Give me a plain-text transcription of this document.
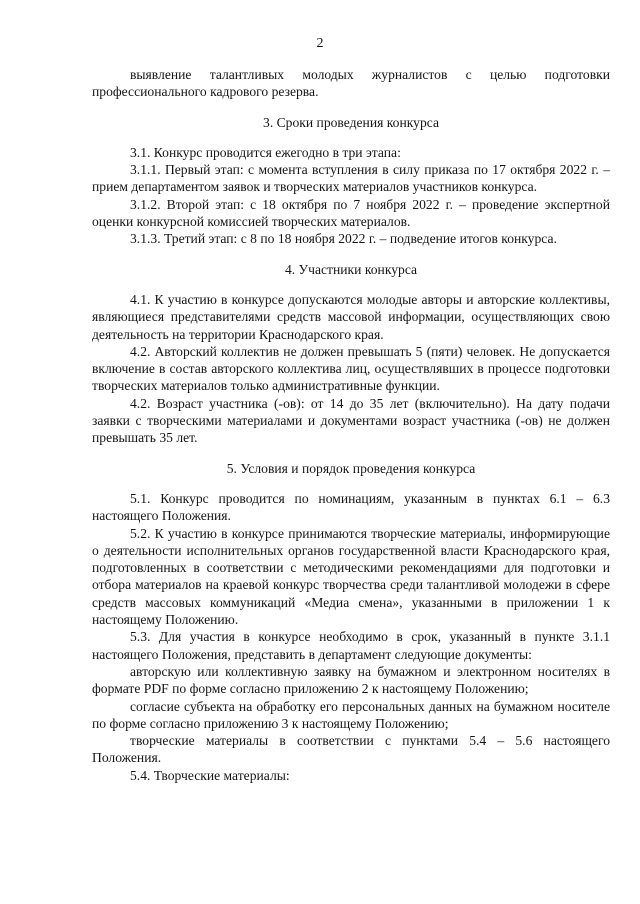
2

выявление талантливых молодых журналистов с целью подготовки профессионального кадрового резерва.

3. Сроки проведения конкурса

3.1. Конкурс проводится ежегодно в три этапа:

3.1.1. Первый этап: с момента вступления в силу приказа по 17 октября 2022 г. – прием департаментом заявок и творческих материалов участников конкурса.

3.1.2. Второй этап: с 18 октября по 7 ноября 2022 г. – проведение экспертной оценки конкурсной комиссией творческих материалов.

3.1.3. Третий этап: с 8 по 18 ноября 2022 г. – подведение итогов конкурса.

4. Участники конкурса

4.1. К участию в конкурсе допускаются молодые авторы и авторские коллективы, являющиеся представителями средств массовой информации, осуществляющих свою деятельность на территории Краснодарского края.

4.2. Авторский коллектив не должен превышать 5 (пяти) человек. Не допускается включение в состав авторского коллектива лиц, осуществлявших в процессе подготовки творческих материалов только административные функции.

4.2. Возраст участника (-ов): от 14 до 35 лет (включительно). На дату подачи заявки с творческими материалами и документами возраст участника (-ов) не должен превышать 35 лет.

5. Условия и порядок проведения конкурса

5.1. Конкурс проводится по номинациям, указанным в пунктах 6.1 – 6.3 настоящего Положения.

5.2. К участию в конкурсе принимаются творческие материалы, информирующие о деятельности исполнительных органов государственной власти Краснодарского края, подготовленных в соответствии с методическими рекомендациями для подготовки и отбора материалов на краевой конкурс творчества среди талантливой молодежи в сфере средств массовых коммуникаций «Медиа смена», указанными в приложении 1 к настоящему Положению.

5.3. Для участия в конкурсе необходимо в срок, указанный в пункте 3.1.1 настоящего Положения, представить в департамент следующие документы:

авторскую или коллективную заявку на бумажном и электронном носителях в формате PDF по форме согласно приложению 2 к настоящему Положению;

согласие субъекта на обработку его персональных данных на бумажном носителе по форме согласно приложению 3 к настоящему Положению;

творческие материалы в соответствии с пунктами 5.4 – 5.6 настоящего Положения.

5.4. Творческие материалы:
